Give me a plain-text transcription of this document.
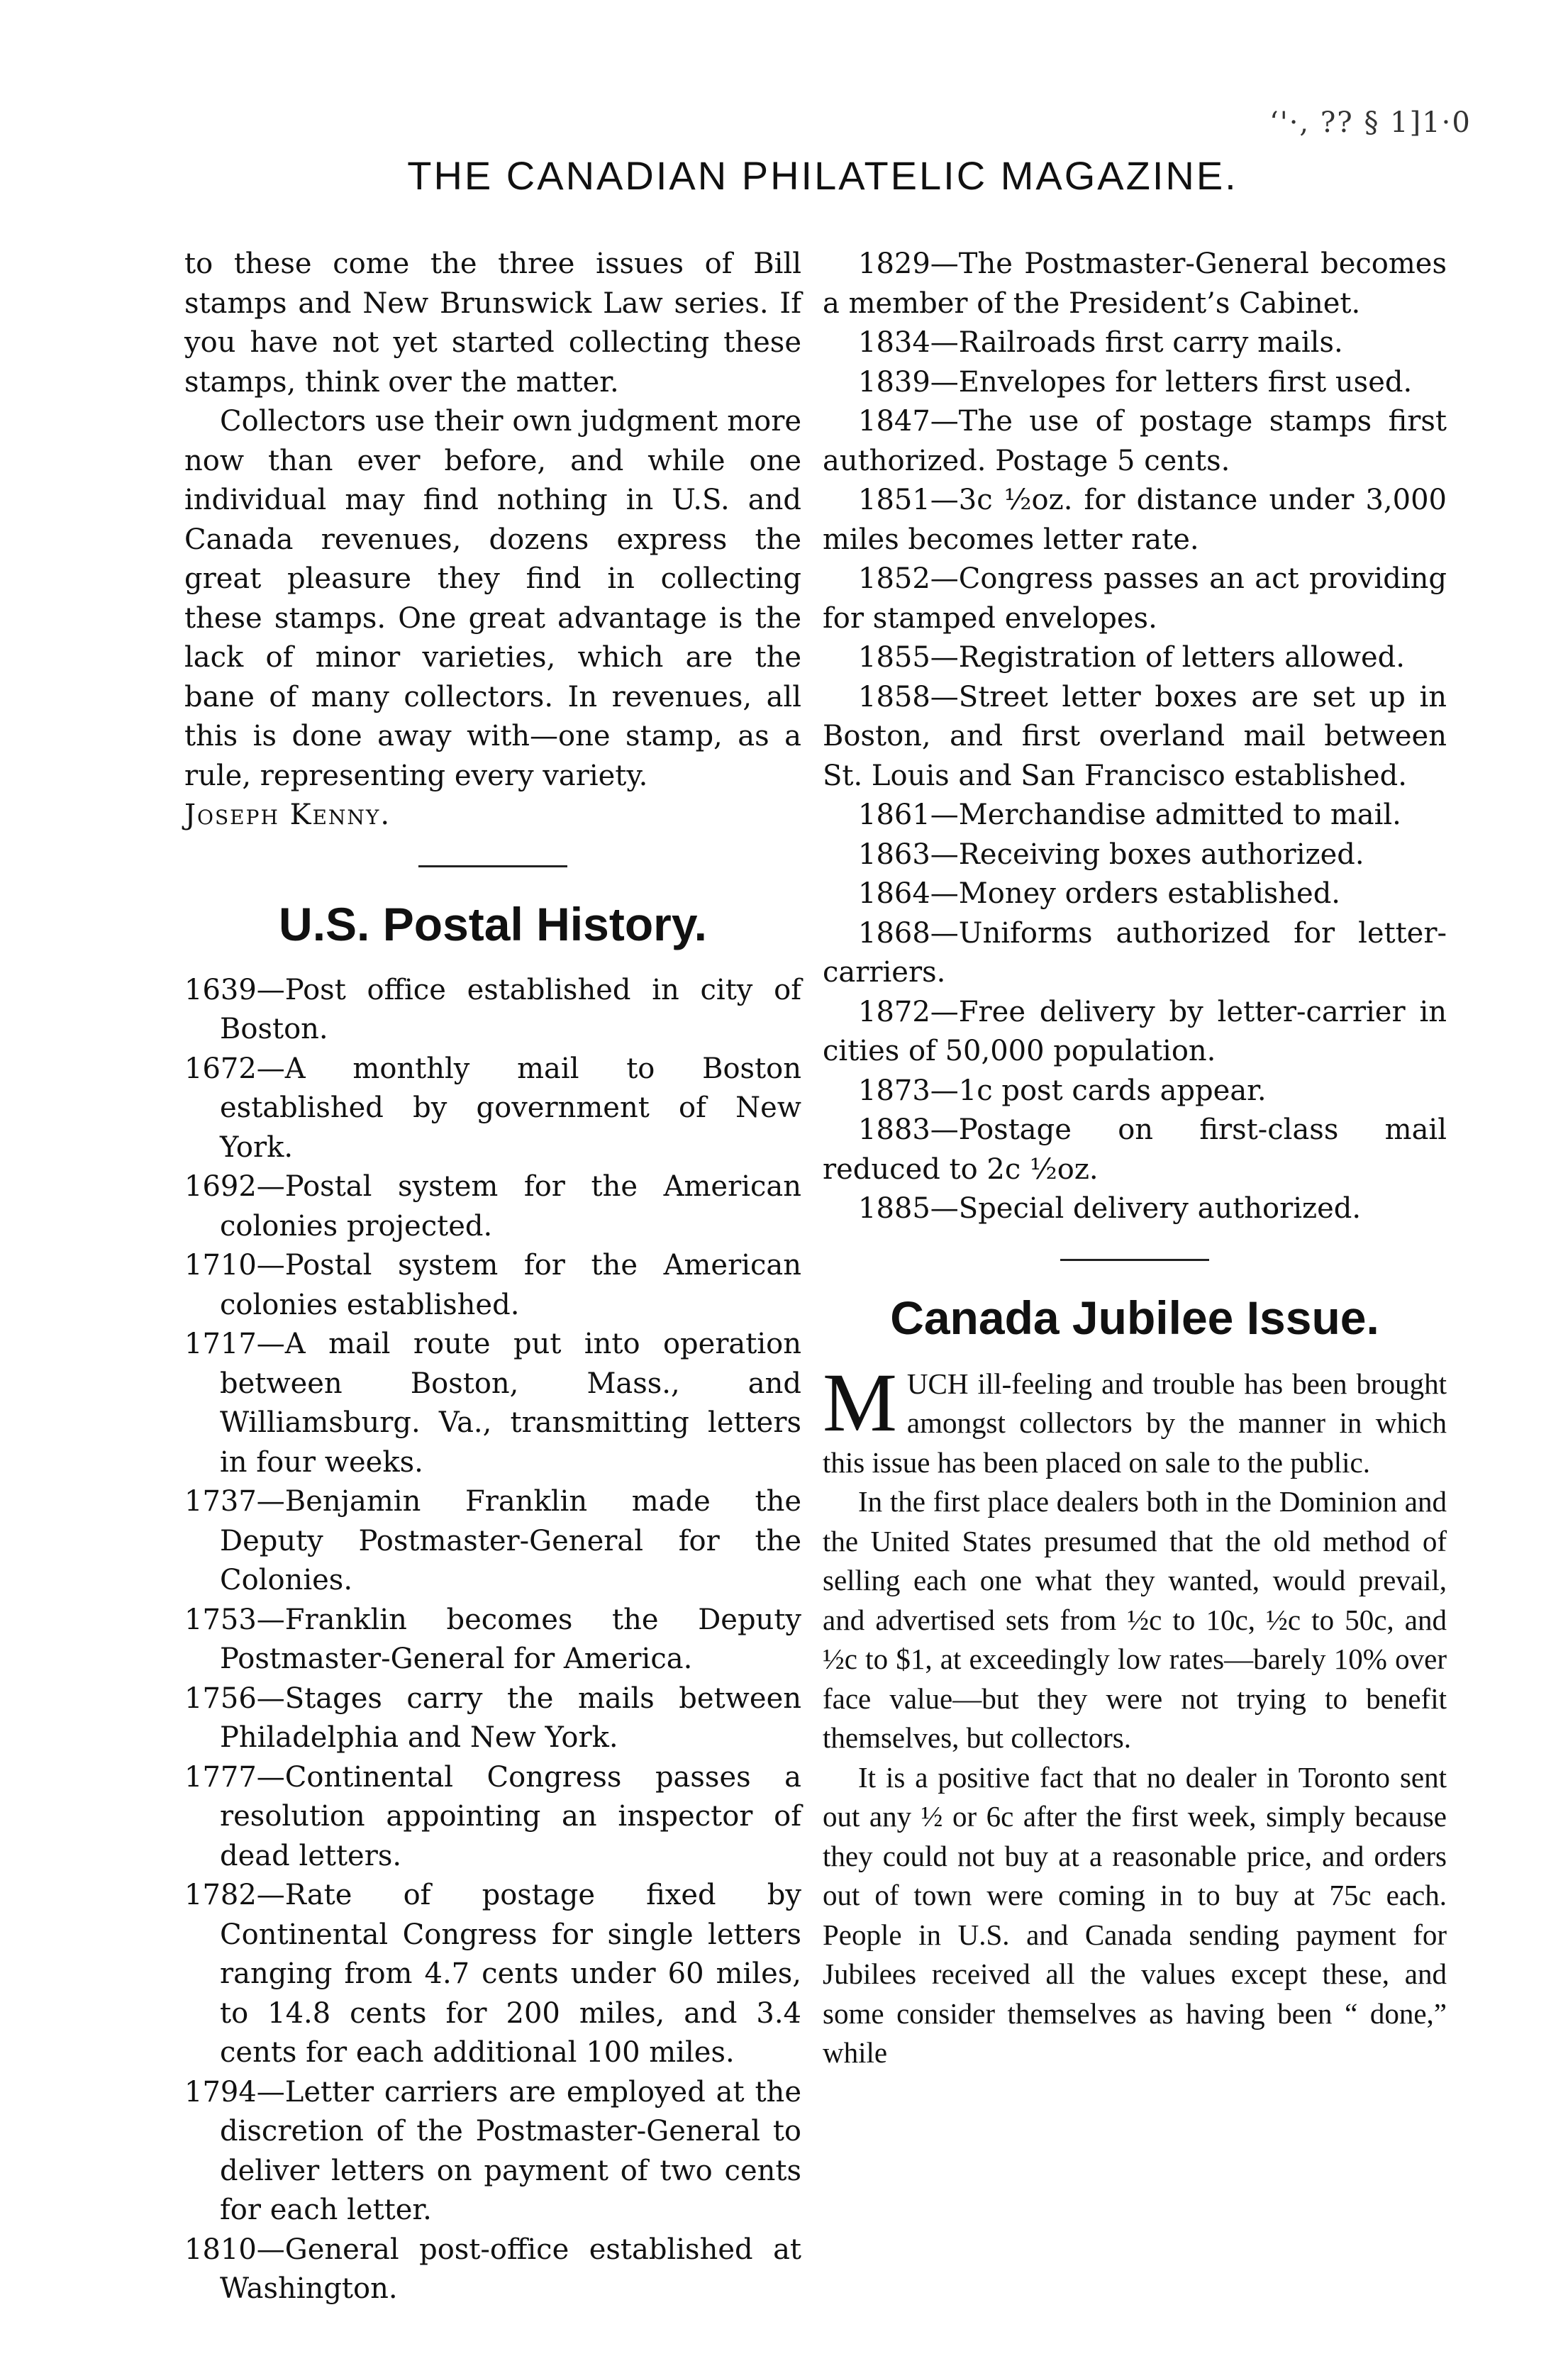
‘'·, ?? § 1]1·0
THE CANADIAN PHILATELIC MAGAZINE.

to these come the three issues of Bill stamps and New Brunswick Law series. If you have not yet started collecting these stamps, think over the matter.

Collectors use their own judgment more now than ever before, and while one individual may find nothing in U.S. and Canada revenues, dozens express the great pleasure they find in collecting these stamps. One great advantage is the lack of minor varieties, which are the bane of many collectors. In revenues, all this is done away with—one stamp, as a rule, representing every variety.

Joseph Kenny.

U.S. Postal History.

1639—Post office established in city of Boston.

1672—A monthly mail to Boston established by government of New York.

1692—Postal system for the American colonies projected.

1710—Postal system for the American colonies established.

1717—A mail route put into operation between Boston, Mass., and Williamsburg. Va., transmitting letters in four weeks.

1737—Benjamin Franklin made the Deputy Postmaster-General for the Colonies.

1753—Franklin becomes the Deputy Postmaster-General for America.

1756—Stages carry the mails between Philadelphia and New York.

1777—Continental Congress passes a resolution appointing an inspector of dead letters.

1782—Rate of postage fixed by Continental Congress for single letters ranging from 4.7 cents under 60 miles, to 14.8 cents for 200 miles, and 3.4 cents for each additional 100 miles.

1794—Letter carriers are employed at the discretion of the Postmaster-General to deliver letters on payment of two cents for each letter.

1810—General post-office established at Washington.

1829—The Postmaster-General becomes a member of the President’s Cabinet.

1834—Railroads first carry mails.

1839—Envelopes for letters first used.

1847—The use of postage stamps first authorized. Postage 5 cents.

1851—3c ½oz. for distance under 3,000 miles becomes letter rate.

1852—Congress passes an act providing for stamped envelopes.

1855—Registration of letters allowed.

1858—Street letter boxes are set up in Boston, and first overland mail between St. Louis and San Francisco established.

1861—Merchandise admitted to mail.

1863—Receiving boxes authorized.

1864—Money orders established.

1868—Uniforms authorized for letter-carriers.

1872—Free delivery by letter-carrier in cities of 50,000 population.

1873—1c post cards appear.

1883—Postage on first-class mail reduced to 2c ½oz.

1885—Special delivery authorized.

Canada Jubilee Issue.

M UCH ill-feeling and trouble has been brought amongst collectors by the manner in which this issue has been placed on sale to the public.

In the first place dealers both in the Dominion and the United States presumed that the old method of selling each one what they wanted, would prevail, and advertised sets from ½c to 10c, ½c to 50c, and ½c to $1, at exceedingly low rates—barely 10% over face value—but they were not trying to benefit themselves, but collectors.

It is a positive fact that no dealer in Toronto sent out any ½ or 6c after the first week, simply because they could not buy at a reasonable price, and orders out of town were coming in to buy at 75c each. People in U.S. and Canada sending payment for Jubilees received all the values except these, and some consider themselves as having been “ done,” while
